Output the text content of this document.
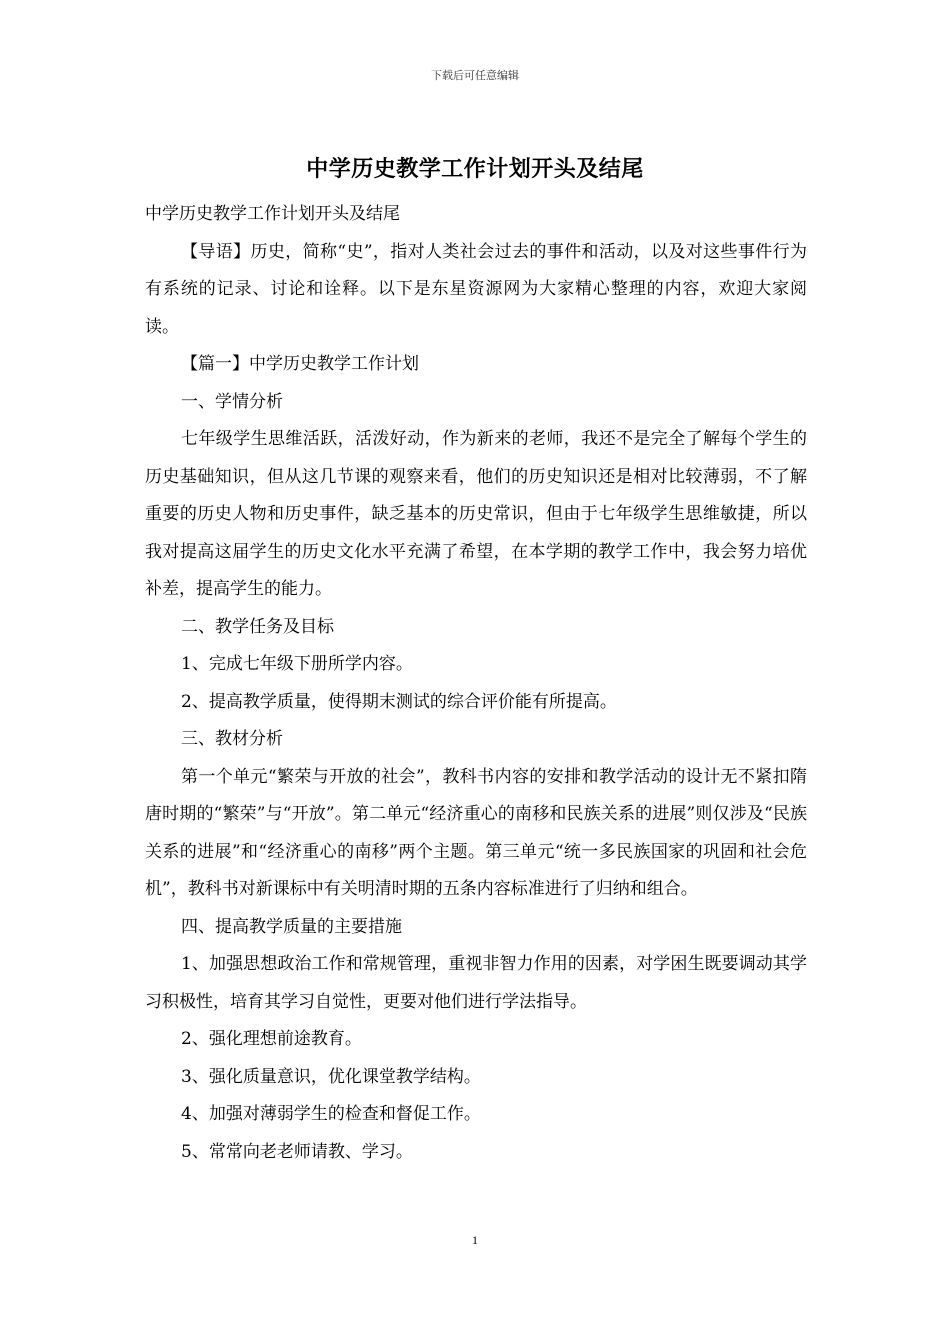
下载后可任意编辑
中学历史教学工作计划开头及结尾

中学历史教学工作计划开头及结尾

【导语】历史，简称“史”，指对人类社会过去的事件和活动，以及对这些事件行为有系统的记录、讨论和诠释。以下是东星资源网为大家精心整理的内容，欢迎大家阅读。

【篇一】中学历史教学工作计划

一、学情分析

七年级学生思维活跃，活泼好动，作为新来的老师，我还不是完全了解每个学生的历史基础知识，但从这几节课的观察来看，他们的历史知识还是相对比较薄弱，不了解重要的历史人物和历史事件，缺乏基本的历史常识，但由于七年级学生思维敏捷，所以我对提高这届学生的历史文化水平充满了希望，在本学期的教学工作中，我会努力培优补差，提高学生的能力。

二、教学任务及目标

1、完成七年级下册所学内容。

2、提高教学质量，使得期末测试的综合评价能有所提高。

三、教材分析

第一个单元“繁荣与开放的社会”，教科书内容的安排和教学活动的设计无不紧扣隋唐时期的“繁荣”与“开放”。第二单元“经济重心的南移和民族关系的进展”则仅涉及“民族关系的进展”和“经济重心的南移”两个主题。第三单元“统一多民族国家的巩固和社会危机”，教科书对新课标中有关明清时期的五条内容标准进行了归纳和组合。

四、提高教学质量的主要措施

1、加强思想政治工作和常规管理，重视非智力作用的因素，对学困生既要调动其学习积极性，培育其学习自觉性，更要对他们进行学法指导。

2、强化理想前途教育。

3、强化质量意识，优化课堂教学结构。

4、加强对薄弱学生的检查和督促工作。

5、常常向老老师请教、学习。

1
